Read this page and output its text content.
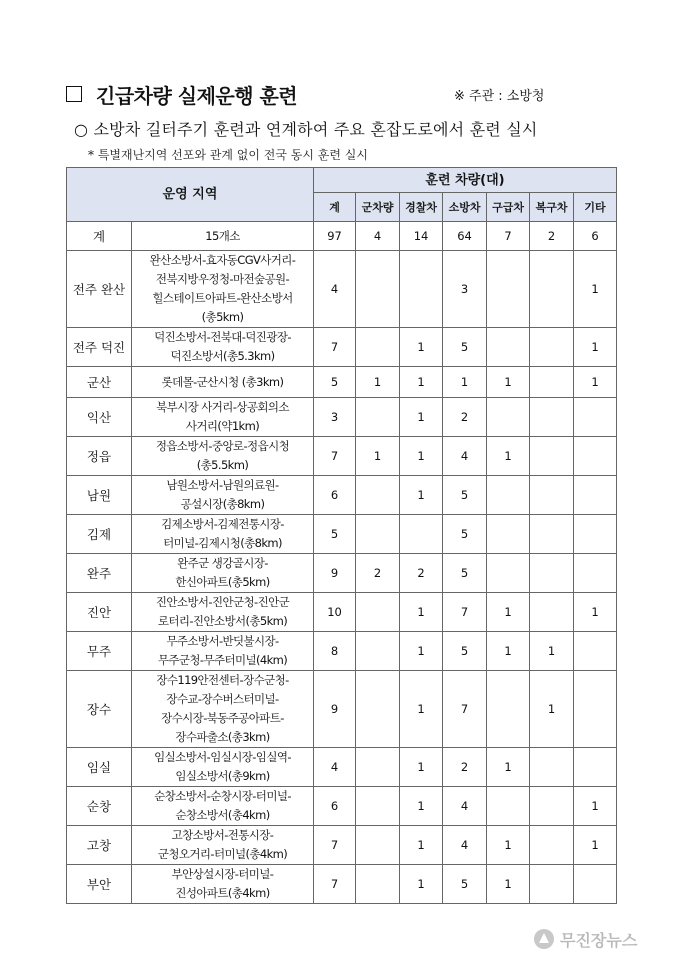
긴급차량 실제운행 훈련	※ 주관 : 소방청
○ 소방차 길터주기 훈련과 연계하여 주요 혼잡도로에서 훈련 실시
* 특별재난지역 선포와 관계 없이 전국 동시 훈련 실시
운영 지역		훈련 차량(대)						
		계	군차량	경찰차	소방차	구급차	복구차	기타
계	15개소	97	4	14	64	7	2	6
전주 완산	완산소방서-효자동CGV사거리-
전북지방우정청-마전숲공원-
힐스테이트아파트-완산소방서
(총5km)	4			3			1
전주 덕진	덕진소방서-전북대-덕진광장-
덕진소방서(총5.3km)	7		1	5			1
군산	롯데몰-군산시청 (총3km)	5	1	1	1	1		1
익산	북부시장 사거리-상공회의소
사거리(약1km)	3		1	2			
정읍	정읍소방서-중앙로-정읍시청
(총5.5km)	7	1	1	4	1		
남원	남원소방서-남원의료원-
공설시장(총8km)	6		1	5			
김제	김제소방서-김제전통시장-
터미널-김제시청(총8km)	5			5			
완주	완주군 생강골시장-
한신아파트(총5km)	9	2	2	5			
진안	진안소방서-진안군청-진안군
로터리-진안소방서(총5km)	10		1	7	1		1
무주	무주소방서-반딧불시장-
무주군청-무주터미널(4km)	8		1	5	1	1	
장수	장수119안전센터-장수군청-
장수교-장수버스터미널-
장수시장-북동주공아파트-
장수파출소(총3km)	9		1	7		1	
임실	임실소방서-임실시장-임실역-
임실소방서(총9km)	4		1	2	1		
순창	순창소방서-순창시장-터미널-
순창소방서(총4km)	6		1	4			1
고창	고창소방서-전통시장-
군청오거리-터미널(총4km)	7		1	4	1		1
부안	부안상설시장-터미널-
진성아파트(총4km)	7		1	5	1		
무진장뉴스
